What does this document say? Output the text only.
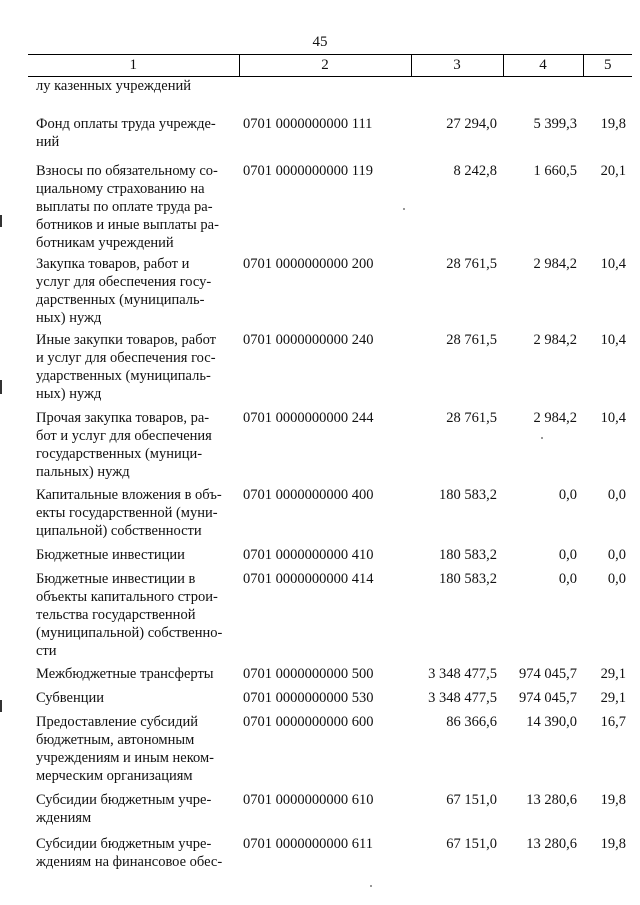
45
1	2	3	4	5
лу казенных учреждений				
Фонд оплаты труда учрежде-
ний	0701 0000000000 111	27 294,0	5 399,3	19,8
Взносы по обязательному со-
циальному страхованию на
выплаты по оплате труда ра-
ботников и иные выплаты ра-
ботникам учреждений	0701 0000000000 119	8 242,8	1 660,5	20,1
Закупка товаров, работ и
услуг для обеспечения госу-
дарственных (муниципаль-
ных) нужд	0701 0000000000 200	28 761,5	2 984,2	10,4
Иные закупки товаров, работ
и услуг для обеспечения гос-
ударственных (муниципаль-
ных) нужд	0701 0000000000 240	28 761,5	2 984,2	10,4
Прочая закупка товаров, ра-
бот и услуг для обеспечения
государственных (муници-
пальных) нужд	0701 0000000000 244	28 761,5	2 984,2	10,4
Капитальные вложения в объ-
екты государственной (муни-
ципальной) собственности	0701 0000000000 400	180 583,2	0,0	0,0
Бюджетные инвестиции	0701 0000000000 410	180 583,2	0,0	0,0
Бюджетные инвестиции в
объекты капитального строи-
тельства государственной
(муниципальной) собственно-
сти	0701 0000000000 414	180 583,2	0,0	0,0
Межбюджетные трансферты	0701 0000000000 500	3 348 477,5	974 045,7	29,1
Субвенции	0701 0000000000 530	3 348 477,5	974 045,7	29,1
Предоставление субсидий
бюджетным, автономным
учреждениям и иным неком-
мерческим организациям	0701 0000000000 600	86 366,6	14 390,0	16,7
Субсидии бюджетным учре-
ждениям	0701 0000000000 610	67 151,0	13 280,6	19,8
Субсидии бюджетным учре-
ждениям на финансовое обес-	0701 0000000000 611	67 151,0	13 280,6	19,8
